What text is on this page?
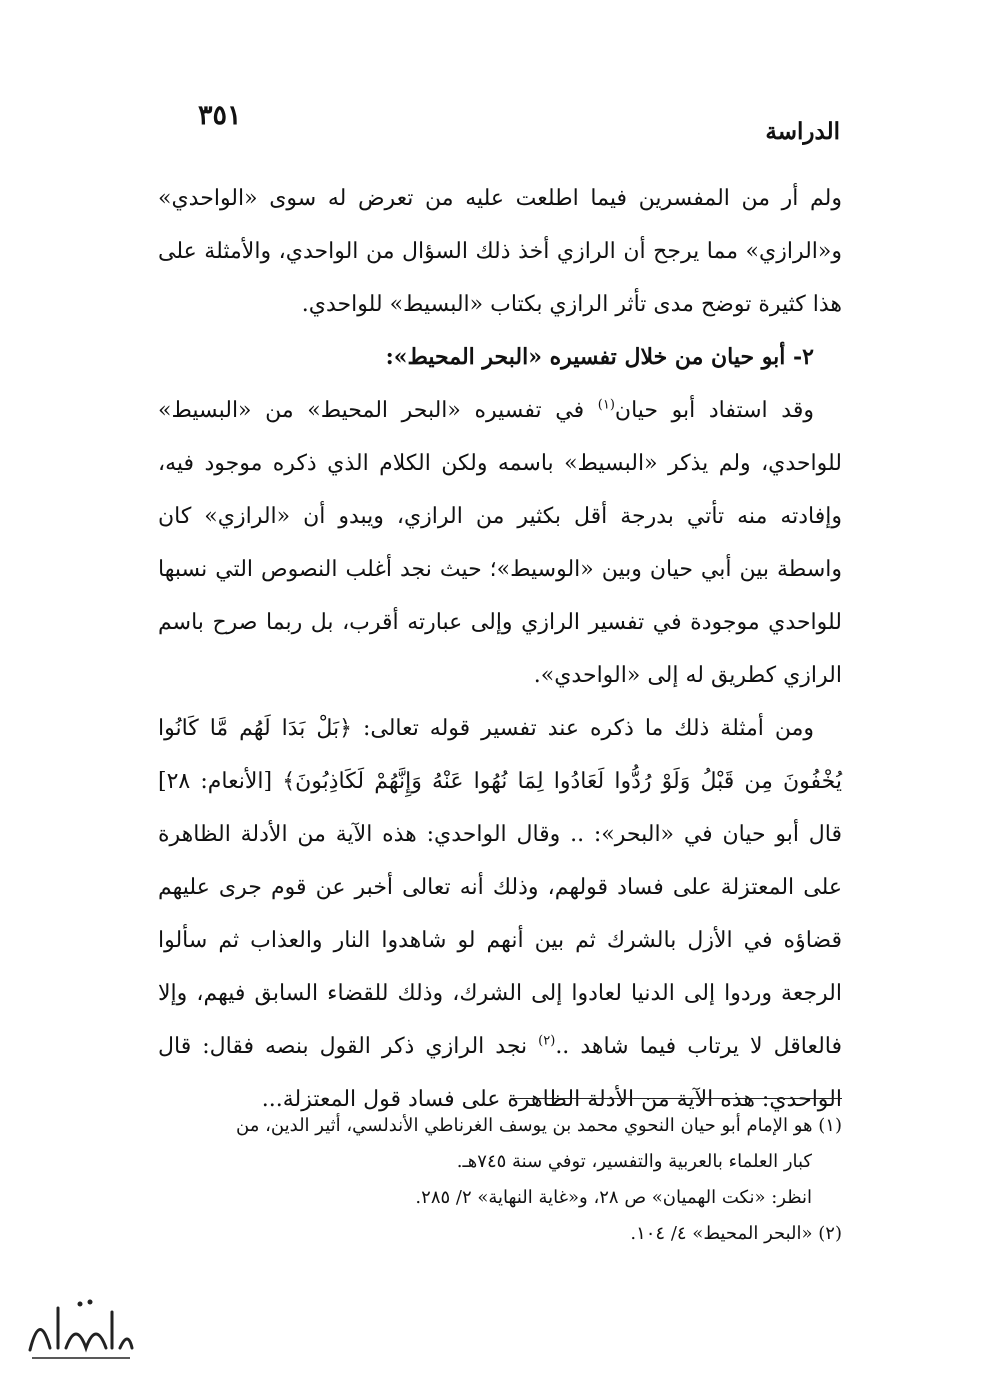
٣٥١
الدراسة

ولم أر من المفسرين فيما اطلعت عليه من تعرض له سوى «الواحدي» و«الرازي» مما يرجح أن الرازي أخذ ذلك السؤال من الواحدي، والأمثلة على هذا كثيرة توضح مدى تأثر الرازي بكتاب «البسيط» للواحدي.

٢- أبو حيان من خلال تفسيره «البحر المحيط»:

وقد استفاد أبو حيان$^{(١)}$ في تفسيره «البحر المحيط» من «البسيط» للواحدي، ولم يذكر «البسيط» باسمه ولكن الكلام الذي ذكره موجود فيه، وإفادته منه تأتي بدرجة أقل بكثير من الرازي، ويبدو أن «الرازي» كان واسطة بين أبي حيان وبين «الوسيط»؛ حيث نجد أغلب النصوص التي نسبها للواحدي موجودة في تفسير الرازي وإلى عبارته أقرب، بل ربما صرح باسم الرازي كطريق له إلى «الواحدي».

ومن أمثلة ذلك ما ذكره عند تفسير قوله تعالى: ﴿بَلْ بَدَا لَهُم مَّا كَانُوا يُخْفُونَ مِن قَبْلُ وَلَوْ رُدُّوا لَعَادُوا لِمَا نُهُوا عَنْهُ وَإِنَّهُمْ لَكَاذِبُونَ﴾ [الأنعام: ٢٨] قال أبو حيان في «البحر»: .. وقال الواحدي: هذه الآية من الأدلة الظاهرة على المعتزلة على فساد قولهم، وذلك أنه تعالى أخبر عن قوم جرى عليهم قضاؤه في الأزل بالشرك ثم بين أنهم لو شاهدوا النار والعذاب ثم سألوا الرجعة وردوا إلى الدنيا لعادوا إلى الشرك، وذلك للقضاء السابق فيهم، وإلا فالعاقل لا يرتاب فيما شاهد ..$^{(٢)}$ نجد الرازي ذكر القول بنصه فقال: قال الواحدي: هذه الآية من الأدلة الظاهرة على فساد قول المعتزلة...

(١) هو الإمام أبو حيان النحوي محمد بن يوسف الغرناطي الأندلسي، أثير الدين، من

كبار العلماء بالعربية والتفسير، توفي سنة ٧٤٥هـ.

انظر: «نكت الهميان» ص ٢٨، و«غاية النهاية» ٢/ ٢٨٥.

(٢) «البحر المحيط» ٤/ ١٠٤.
